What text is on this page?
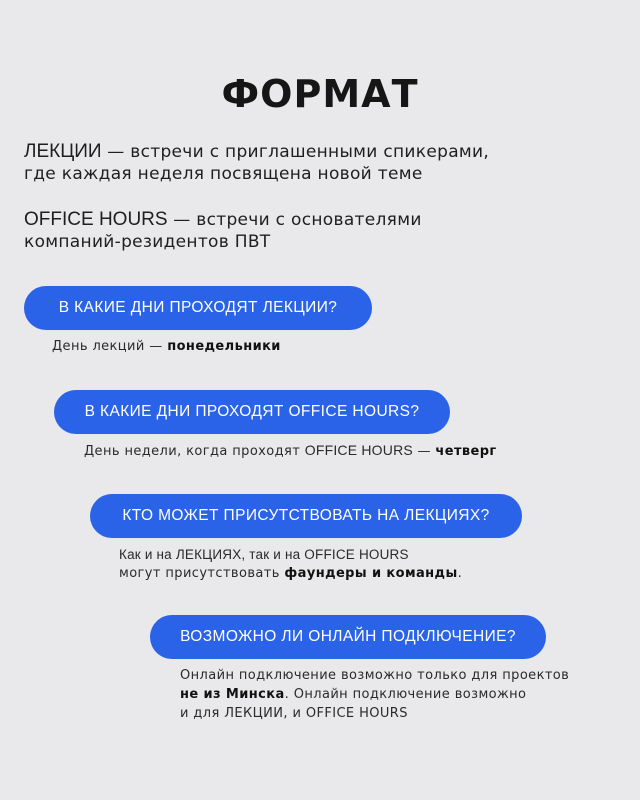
ФОРМАТ
ЛЕКЦИИ — встречи с приглашенными спикерами,
где каждая неделя посвящена новой теме
OFFICE HOURS — встречи с основателями
компаний-резидентов ПВТ
В КАКИЕ ДНИ ПРОХОДЯТ ЛЕКЦИИ?
День лекций — понедельники
В КАКИЕ ДНИ ПРОХОДЯТ OFFICE HOURS?
День недели, когда проходят OFFICE HOURS — четверг
КТО МОЖЕТ ПРИСУТСТВОВАТЬ НА ЛЕКЦИЯХ?
Как и на ЛЕКЦИЯХ, так и на OFFICE HOURS
могут присутствовать фаундеры и команды.
ВОЗМОЖНО ЛИ ОНЛАЙН ПОДКЛЮЧЕНИЕ?
Онлайн подключение возможно только для проектов
не из Минска. Онлайн подключение возможно
и для ЛЕКЦИИ, и OFFICE HOURS
